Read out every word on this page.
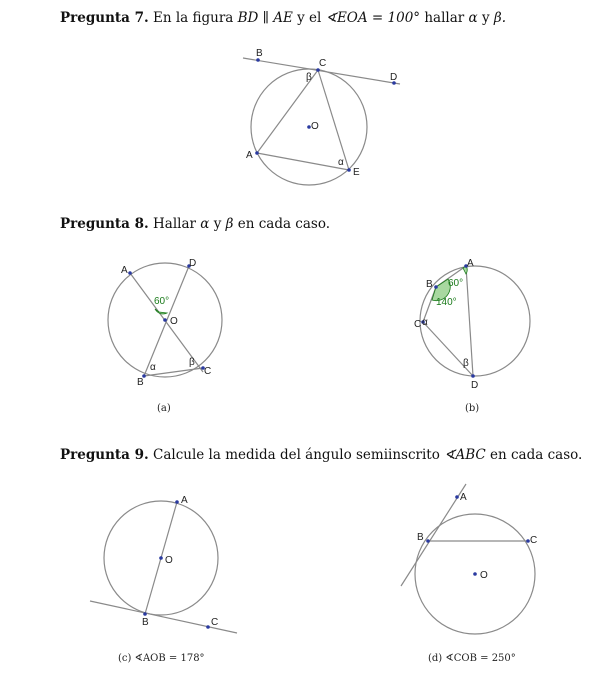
Pregunta 7. En la figura BD ∥ AE y el ∢EOA = 100° hallar α y β.
Pregunta 8. Hallar α y β en cada caso.
Pregunta 9. Calcule la medida del ángulo semiinscrito ∢ABC en cada caso.
B
C
D
O
A
E
β
α
A
D
O
B
C
60°
α	β
(a)
A
B
C
D
60°
140°
α
β
(b)
A
O
B	C
(c) ∢AOB = 178°
A
B	C
O
(d) ∢COB = 250°
